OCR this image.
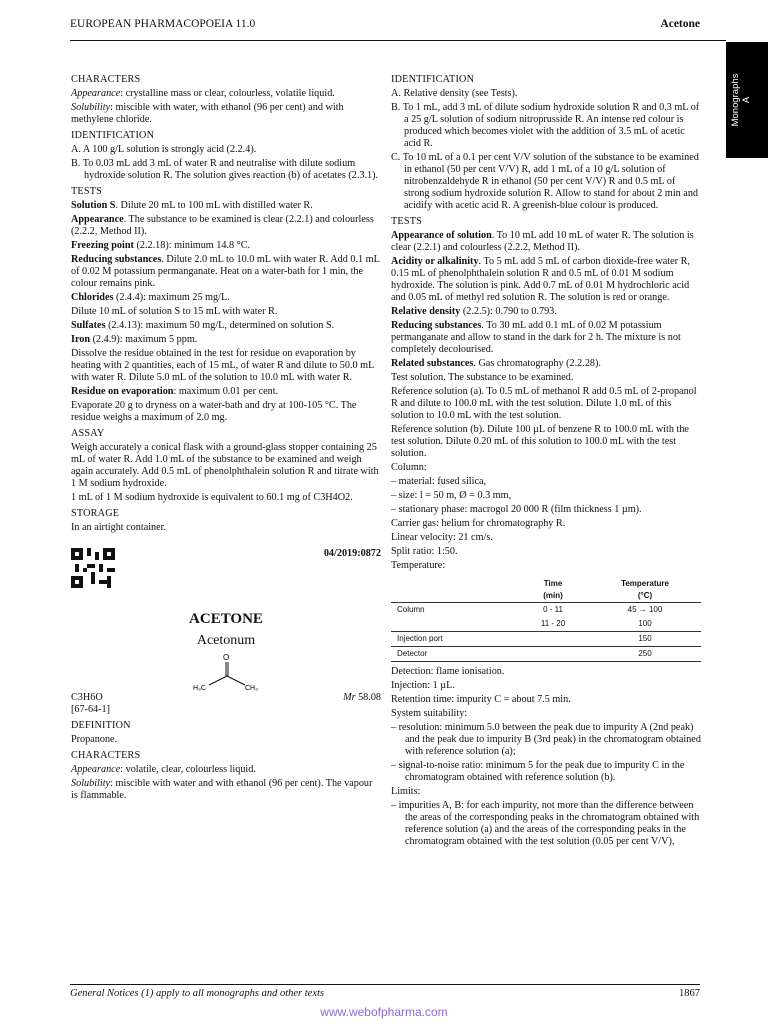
EUROPEAN PHARMACOPOEIA 11.0	Acetone
Monographs A

CHARACTERS

Appearance: crystalline mass or clear, colourless, volatile liquid.

Solubility: miscible with water, with ethanol (96 per cent) and with methylene chloride.

IDENTIFICATION

A. A 100 g/L solution is strongly acid (2.2.4).

B. To 0.03 mL add 3 mL of water R and neutralise with dilute sodium hydroxide solution R. The solution gives reaction (b) of acetates (2.3.1).

TESTS

Solution S. Dilute 20 mL to 100 mL with distilled water R.

Appearance. The substance to be examined is clear (2.2.1) and colourless (2.2.2, Method II).

Freezing point (2.2.18): minimum 14.8 °C.

Reducing substances. Dilute 2.0 mL to 10.0 mL with water R. Add 0.1 mL of 0.02 M potassium permanganate. Heat on a water-bath for 1 min, the colour remains pink.

Chlorides (2.4.4): maximum 25 mg/L.

Dilute 10 mL of solution S to 15 mL with water R.

Sulfates (2.4.13): maximum 50 mg/L, determined on solution S.

Iron (2.4.9): maximum 5 ppm.

Dissolve the residue obtained in the test for residue on evaporation by heating with 2 quantities, each of 15 mL, of water R and dilute to 50.0 mL with water R. Dilute 5.0 mL of the solution to 10.0 mL with water R.

Residue on evaporation: maximum 0.01 per cent.

Evaporate 20 g to dryness on a water-bath and dry at 100-105 °C. The residue weighs a maximum of 2.0 mg.

ASSAY

Weigh accurately a conical flask with a ground-glass stopper containing 25 mL of water R. Add 1.0 mL of the substance to be examined and weigh again accurately. Add 0.5 mL of phenolphthalein solution R and titrate with 1 M sodium hydroxide.

1 mL of 1 M sodium hydroxide is equivalent to 60.1 mg of C3H4O2.

STORAGE

In an airtight container.

04/2019:0872

ACETONE

Acetonum

O
H₃C	CH₃
C3H6O	Mr 58.08

[67-64-1]

DEFINITION

Propanone.

CHARACTERS

Appearance: volatile, clear, colourless liquid.

Solubility: miscible with water and with ethanol (96 per cent). The vapour is flammable.

IDENTIFICATION

A. Relative density (see Tests).

B. To 1 mL, add 3 mL of dilute sodium hydroxide solution R and 0.3 mL of a 25 g/L solution of sodium nitroprusside R. An intense red colour is produced which becomes violet with the addition of 3.5 mL of acetic acid R.

C. To 10 mL of a 0.1 per cent V/V solution of the substance to be examined in ethanol (50 per cent V/V) R, add 1 mL of a 10 g/L solution of nitrobenzaldehyde R in ethanol (50 per cent V/V) R and 0.5 mL of strong sodium hydroxide solution R. Allow to stand for about 2 min and acidify with acetic acid R. A greenish-blue colour is produced.

TESTS

Appearance of solution. To 10 mL add 10 mL of water R. The solution is clear (2.2.1) and colourless (2.2.2, Method II).

Acidity or alkalinity. To 5 mL add 5 mL of carbon dioxide-free water R, 0.15 mL of phenolphthalein solution R and 0.5 mL of 0.01 M sodium hydroxide. The solution is pink. Add 0.7 mL of 0.01 M hydrochloric acid and 0.05 mL of methyl red solution R. The solution is red or orange.

Relative density (2.2.5): 0.790 to 0.793.

Reducing substances. To 30 mL add 0.1 mL of 0.02 M potassium permanganate and allow to stand in the dark for 2 h. The mixture is not completely decolourised.

Related substances. Gas chromatography (2.2.28).

Test solution. The substance to be examined.

Reference solution (a). To 0.5 mL of methanol R add 0.5 mL of 2-propanol R and dilute to 100.0 mL with the test solution. Dilute 1.0 mL of this solution to 10.0 mL with the test solution.

Reference solution (b). Dilute 100 µL of benzene R to 100.0 mL with the test solution. Dilute 0.20 mL of this solution to 100.0 mL with the test solution.

Column:

– material: fused silica,

– size: l = 50 m, Ø = 0.3 mm,

– stationary phase: macrogol 20 000 R (film thickness 1 µm).

Carrier gas: helium for chromatography R.

Linear velocity: 21 cm/s.

Split ratio: 1:50.

Temperature:

	Time	Temperature
	(min)	(°C)
Column	0 - 11	45 → 100
	11 - 20	100
Injection port		150
Detector		250

Detection: flame ionisation.

Injection: 1 µL.

Retention time: impurity C = about 7.5 min.

System suitability:

– resolution: minimum 5.0 between the peak due to impurity A (2nd peak) and the peak due to impurity B (3rd peak) in the chromatogram obtained with reference solution (a);

– signal-to-noise ratio: minimum 5 for the peak due to impurity C in the chromatogram obtained with reference solution (b).

Limits:

– impurities A, B: for each impurity, not more than the difference between the areas of the corresponding peaks in the chromatogram obtained with reference solution (a) and the areas of the corresponding peaks in the chromatogram obtained with the test solution (0.05 per cent V/V),

General Notices (1) apply to all monographs and other texts	1867
www.webofpharma.com
